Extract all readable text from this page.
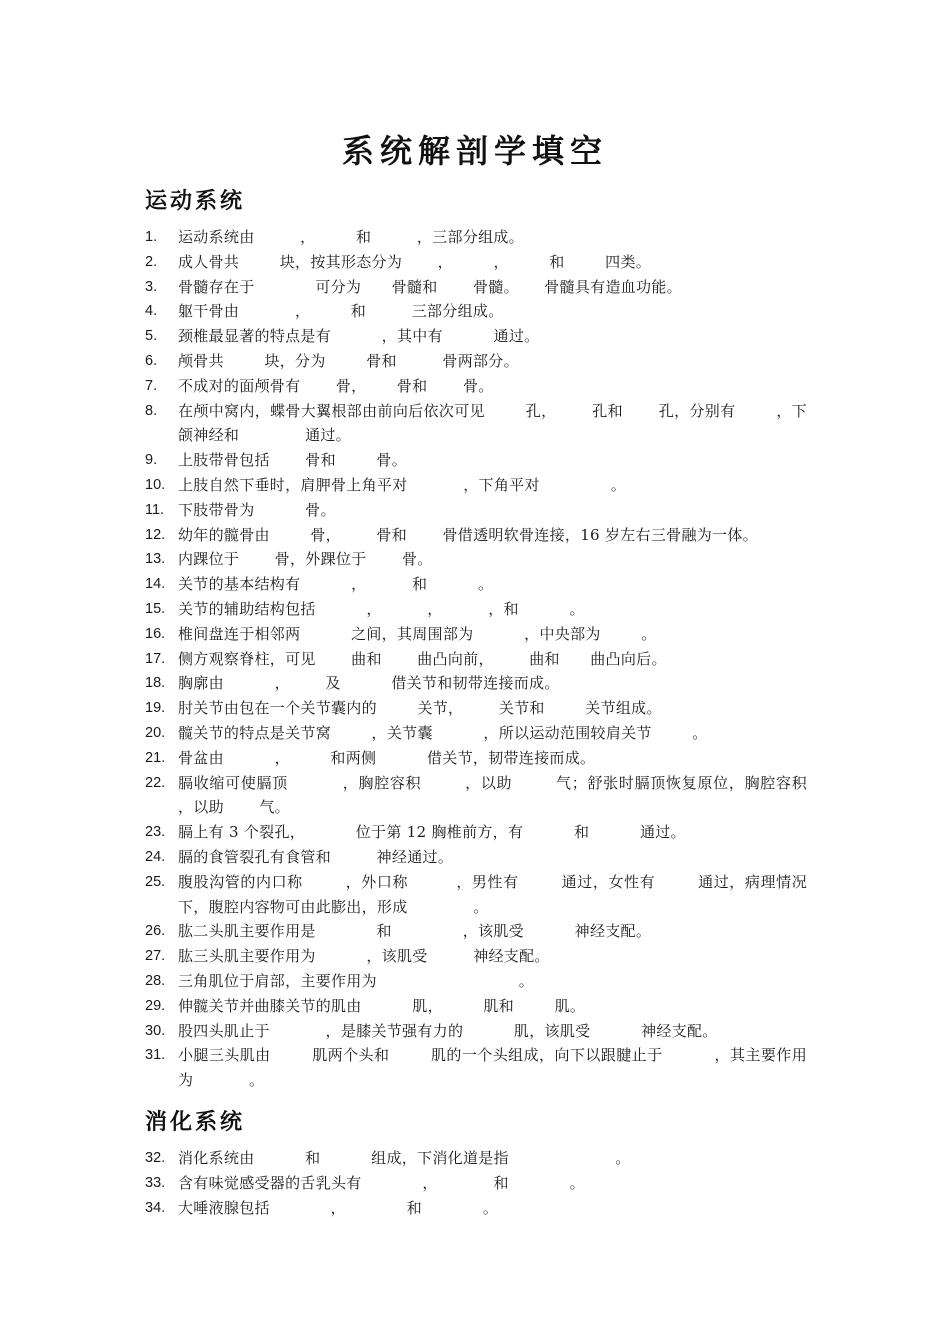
系统解剖学填空
运动系统
1.	运动系统由         ，        和         ，三部分组成。
2.	成人骨共        块，按其形态分为       ，        ，        和        四类。
3.	骨髓存在于            可分为      骨髓和       骨髓。     骨髓具有造血功能。
4.	躯干骨由           ，        和         三部分组成。
5.	颈椎最显著的特点是有          ，其中有          通过。
6.	颅骨共        块，分为        骨和         骨两部分。
7.	不成对的面颅骨有       骨，      骨和       骨。
8.	在颅中窝内，蝶骨大翼根部由前向后依次可见        孔，       孔和       孔，分别有        ，下颌神经和             通过。
9.	上肢带骨包括       骨和        骨。
10. 上肢自然下垂时，肩胛骨上角平对           ，下角平对              。
11. 下肢带骨为          骨。
12. 幼年的髋骨由        骨，       骨和       骨借透明软骨连接，16 岁左右三骨融为一体。
13. 内踝位于       骨，外踝位于       骨。
14. 关节的基本结构有          ，         和          。
15. 关节的辅助结构包括          ，         ，         ，和          。
16. 椎间盘连于相邻两          之间，其周围部为          ，中央部为        。
17. 侧方观察脊柱，可见       曲和       曲凸向前，       曲和      曲凸向后。
18. 胸廓由          ，       及          借关节和韧带连接而成。
19. 肘关节由包在一个关节囊内的        关节，       关节和        关节组成。
20. 髋关节的特点是关节窝        ，关节囊          ，所以运动范围较肩关节        。
21. 骨盆由          ，        和两侧          借关节，韧带连接而成。
22. 膈收缩可使膈顶          ，胸腔容积        ，以助        气；舒张时膈顶恢复原位，胸腔容积         ，以助       气。
23. 膈上有 3 个裂孔，          位于第 12 胸椎前方，有          和          通过。
24. 膈的食管裂孔有食管和         神经通过。
25. 腹股沟管的内口称        ，外口称         ，男性有        通过，女性有        通过，病理情况下，腹腔内容物可由此膨出，形成             。
26. 肱二头肌主要作用是            和              ，该肌受          神经支配。
27. 肱三头肌主要作用为          ，该肌受         神经支配。
28. 三角肌位于肩部，主要作用为                            。
29. 伸髋关节并曲膝关节的肌由          肌，        肌和        肌。
30. 股四头肌止于           ，是膝关节强有力的          肌，该肌受          神经支配。
31. 小腿三头肌由        肌两个头和        肌的一个头组成，向下以跟腱止于          ，其主要作用为           。
消化系统
32. 消化系统由          和          组成，下消化道是指                     。
33. 含有味觉感受器的舌乳头有            ，           和            。
34. 大唾液腺包括            ，            和            。
